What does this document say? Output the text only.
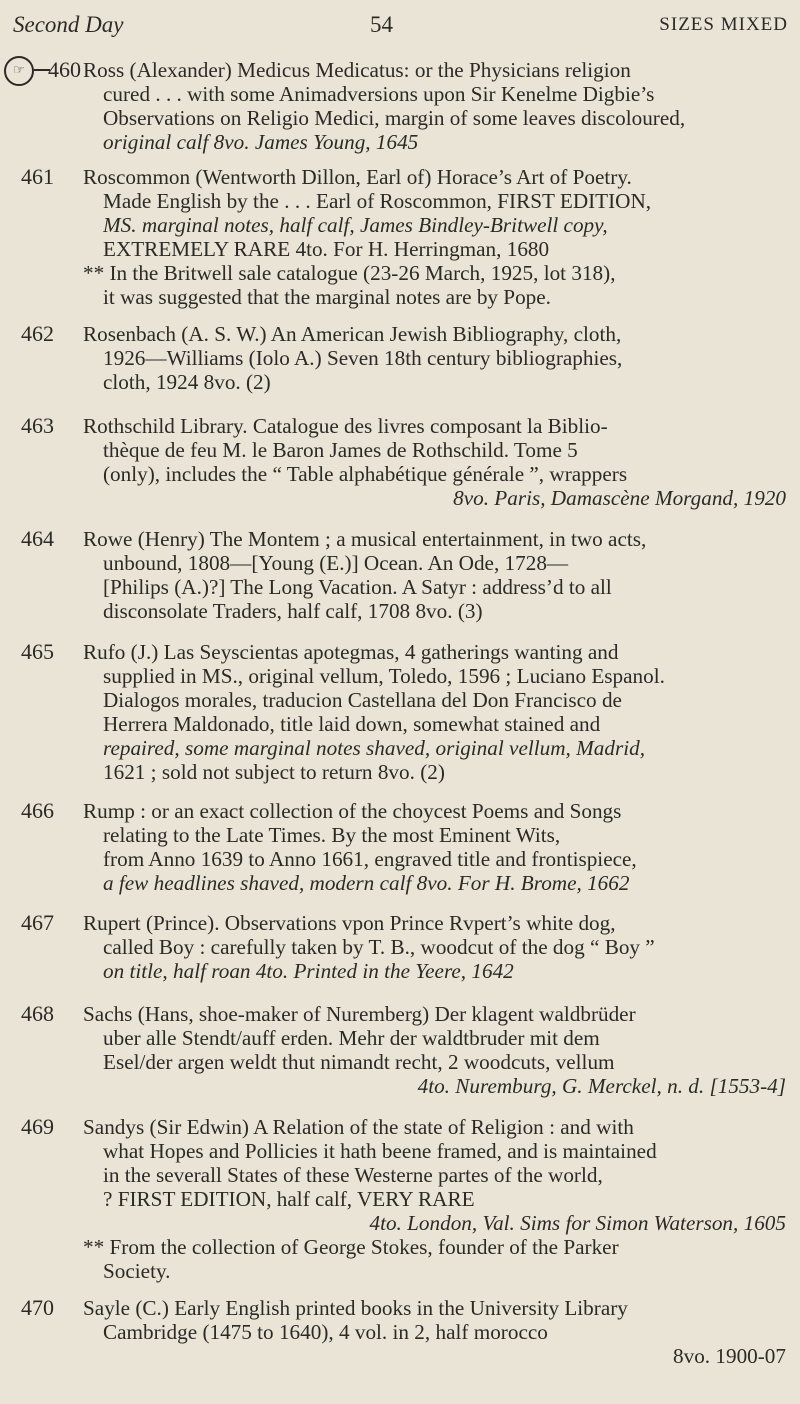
Second Day	54	SIZES MIXED
☞	460 Ross (Alexander) Medicus Medicatus: or the Physicians religion
cured . . . with some Animadversions upon Sir Kenelme Digbie’s
Observations on Religio Medici, margin of some leaves discoloured,
original calf 8vo. James Young, 1645
461 Roscommon (Wentworth Dillon, Earl of) Horace’s Art of Poetry.
Made English by the . . . Earl of Roscommon, FIRST EDITION,
MS. marginal notes, half calf, James Bindley-Britwell copy,
EXTREMELY RARE 4to. For H. Herringman, 1680
** In the Britwell sale catalogue (23-26 March, 1925, lot 318),
it was suggested that the marginal notes are by Pope.
462 Rosenbach (A. S. W.) An American Jewish Bibliography, cloth,
1926—Williams (Iolo A.) Seven 18th century bibliographies,
cloth, 1924 8vo. (2)
463 Rothschild Library. Catalogue des livres composant la Biblio-
thèque de feu M. le Baron James de Rothschild. Tome 5
(only), includes the “ Table alphabétique générale ”, wrappers
8vo. Paris, Damascène Morgand, 1920
464 Rowe (Henry) The Montem ; a musical entertainment, in two acts,
unbound, 1808—[Young (E.)] Ocean. An Ode, 1728—
[Philips (A.)?] The Long Vacation. A Satyr : address’d to all
disconsolate Traders, half calf, 1708 8vo. (3)
465 Rufo (J.) Las Seyscientas apotegmas, 4 gatherings wanting and
supplied in MS., original vellum, Toledo, 1596 ; Luciano Espanol.
Dialogos morales, traducion Castellana del Don Francisco de
Herrera Maldonado, title laid down, somewhat stained and
repaired, some marginal notes shaved, original vellum, Madrid,
1621 ; sold not subject to return 8vo. (2)
466 Rump : or an exact collection of the choycest Poems and Songs
relating to the Late Times. By the most Eminent Wits,
from Anno 1639 to Anno 1661, engraved title and frontispiece,
a few headlines shaved, modern calf 8vo. For H. Brome, 1662
467 Rupert (Prince). Observations vpon Prince Rvpert’s white dog,
called Boy : carefully taken by T. B., woodcut of the dog “ Boy ”
on title, half roan 4to. Printed in the Yeere, 1642
468 Sachs (Hans, shoe-maker of Nuremberg) Der klagent waldbrüder
uber alle Stendt/auff erden. Mehr der waldtbruder mit dem
Esel/der argen weldt thut nimandt recht, 2 woodcuts, vellum
4to. Nuremburg, G. Merckel, n. d. [1553-4]
469 Sandys (Sir Edwin) A Relation of the state of Religion : and with
what Hopes and Pollicies it hath beene framed, and is maintained
in the severall States of these Westerne partes of the world,
? FIRST EDITION, half calf, VERY RARE
4to. London, Val. Sims for Simon Waterson, 1605
** From the collection of George Stokes, founder of the Parker
Society.
470 Sayle (C.) Early English printed books in the University Library
Cambridge (1475 to 1640), 4 vol. in 2, half morocco
8vo. 1900-07
